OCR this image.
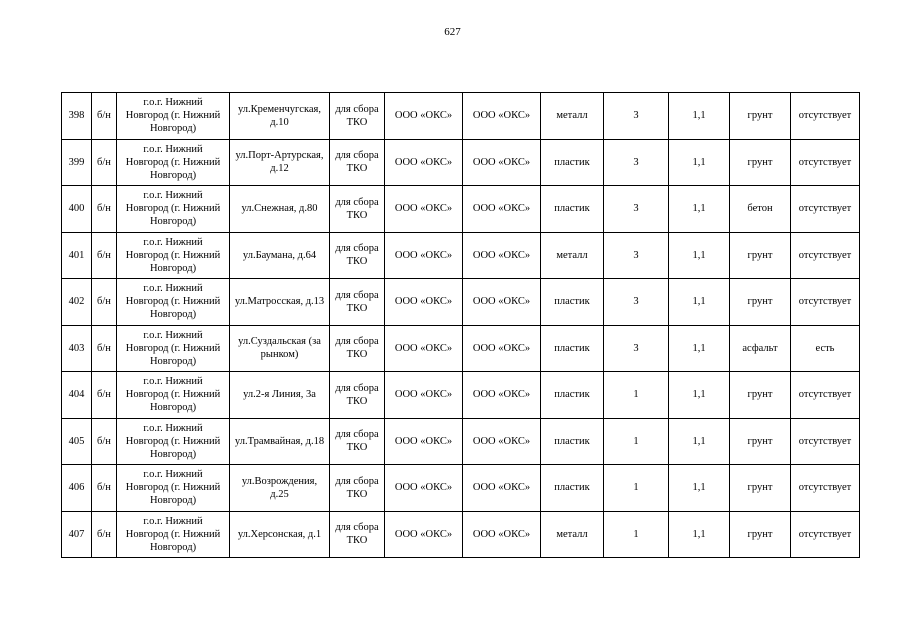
627
398	б/н	г.о.г. Нижний
Новгород (г. Нижний
Новгород)	ул.Кременчугская, д.10	для сбора ТКО	ООО «ОКС»	ООО «ОКС»	металл	3	1,1	грунт	отсутствует
399	б/н	г.о.г. Нижний
Новгород (г. Нижний
Новгород)	ул.Порт-Артурская, д.12	для сбора ТКО	ООО «ОКС»	ООО «ОКС»	пластик	3	1,1	грунт	отсутствует
400	б/н	г.о.г. Нижний
Новгород (г. Нижний
Новгород)	ул.Снежная, д.80	для сбора ТКО	ООО «ОКС»	ООО «ОКС»	пластик	3	1,1	бетон	отсутствует
401	б/н	г.о.г. Нижний
Новгород (г. Нижний
Новгород)	ул.Баумана, д.64	для сбора ТКО	ООО «ОКС»	ООО «ОКС»	металл	3	1,1	грунт	отсутствует
402	б/н	г.о.г. Нижний
Новгород (г. Нижний
Новгород)	ул.Матросская, д.13	для сбора ТКО	ООО «ОКС»	ООО «ОКС»	пластик	3	1,1	грунт	отсутствует
403	б/н	г.о.г. Нижний
Новгород (г. Нижний
Новгород)	ул.Суздальская (за рынком)	для сбора ТКО	ООО «ОКС»	ООО «ОКС»	пластик	3	1,1	асфальт	есть
404	б/н	г.о.г. Нижний
Новгород (г. Нижний
Новгород)	ул.2-я Линия, 3а	для сбора ТКО	ООО «ОКС»	ООО «ОКС»	пластик	1	1,1	грунт	отсутствует
405	б/н	г.о.г. Нижний
Новгород (г. Нижний
Новгород)	ул.Трамвайная, д.18	для сбора ТКО	ООО «ОКС»	ООО «ОКС»	пластик	1	1,1	грунт	отсутствует
406	б/н	г.о.г. Нижний
Новгород (г. Нижний
Новгород)	ул.Возрождения, д.25	для сбора ТКО	ООО «ОКС»	ООО «ОКС»	пластик	1	1,1	грунт	отсутствует
407	б/н	г.о.г. Нижний
Новгород (г. Нижний
Новгород)	ул.Херсонская, д.1	для сбора ТКО	ООО «ОКС»	ООО «ОКС»	металл	1	1,1	грунт	отсутствует
